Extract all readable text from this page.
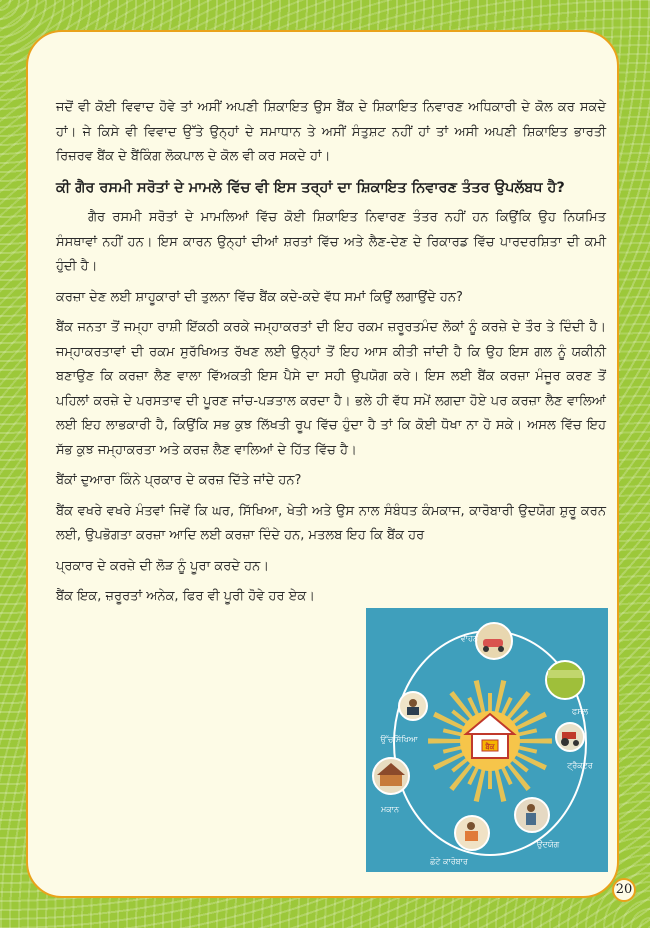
ਜਦੋਂ ਵੀ ਕੋਈ ਵਿਵਾਦ ਹੋਵੇ ਤਾਂ ਅਸੀਂ ਅਪਣੀ ਸ਼ਿਕਾਇਤ ਉਸ ਬੈਂਕ ਦੇ ਸ਼ਿਕਾਇਤ ਨਿਵਾਰਣ ਅਧਿਕਾਰੀ ਦੇ ਕੋਲ ਕਰ ਸਕਦੇ ਹਾਂ। ਜੇ ਕਿਸੇ ਵੀ ਵਿਵਾਦ ਉੱਤੇ ਉਨ੍ਹਾਂ ਦੇ ਸਮਾਧਾਨ ਤੇ ਅਸੀਂ ਸੰਤੁਸ਼ਟ ਨਹੀਂ ਹਾਂ ਤਾਂ ਅਸੀ ਅਪਣੀ ਸ਼ਿਕਾਇਤ ਭਾਰਤੀ ਰਿਜ਼ਰਵ ਬੈਂਕ ਦੇ ਬੈਂਕਿੰਗ ਲੋਕਪਾਲ ਦੇ ਕੋਲ ਵੀ ਕਰ ਸਕਦੇ ਹਾਂ।

ਕੀ ਗੈਰ ਰਸਮੀ ਸਰੋਤਾਂ ਦੇ ਮਾਮਲੇ ਵਿੱਚ ਵੀ ਇਸ ਤਰ੍ਹਾਂ ਦਾ ਸ਼ਿਕਾਇਤ ਨਿਵਾਰਣ ਤੰਤਰ ਉਪਲੱਬਧ ਹੈ?

ਗੈਰ ਰਸਮੀ ਸਰੋਤਾਂ ਦੇ ਮਾਮਲਿਆਂ ਵਿੱਚ ਕੋਈ ਸ਼ਿਕਾਇਤ ਨਿਵਾਰਣ ਤੰਤਰ ਨਹੀਂ ਹਨ ਕਿਉਂਕਿ ਉਹ ਨਿਯਮਿਤ ਸੰਸਥਾਵਾਂ ਨਹੀਂ ਹਨ। ਇਸ ਕਾਰਨ ਉਨ੍ਹਾਂ ਦੀਆਂ ਸ਼ਰਤਾਂ ਵਿੱਚ ਅਤੇ ਲੈਣ-ਦੇਣ ਦੇ ਰਿਕਾਰਡ ਵਿੱਚ ਪਾਰਦਰਸ਼ਿਤਾ ਦੀ ਕਮੀ ਹੁੰਦੀ ਹੈ।

ਕਰਜ਼ਾ ਦੇਣ ਲਈ ਸ਼ਾਹੂਕਾਰਾਂ ਦੀ ਤੁਲਨਾ ਵਿੱਚ ਬੈਂਕ ਕਦੇ-ਕਦੇ ਵੱਧ ਸਮਾਂ ਕਿਉਂ ਲਗਾਉਂਦੇ ਹਨ?

ਬੈਂਕ ਜਨਤਾ ਤੋਂ ਜਮ੍ਹਾ ਰਾਸ਼ੀ ਇੱਕਠੀ ਕਰਕੇ ਜਮ੍ਹਾਕਰਤਾਂ ਦੀ ਇਹ ਰਕਮ ਜ਼ਰੂਰਤਮੰਦ ਲੋਕਾਂ ਨੂੰ ਕਰਜ਼ੇ ਦੇ ਤੌਰ ਤੇ ਦਿੰਦੀ ਹੈ। ਜਮ੍ਹਾਕਰਤਾਵਾਂ ਦੀ ਰਕਮ ਸੁਰੱਖਿਅਤ ਰੱਖਣ ਲਈ ਉਨ੍ਹਾਂ ਤੋਂ ਇਹ ਆਸ ਕੀਤੀ ਜਾਂਦੀ ਹੈ ਕਿ ਉਹ ਇਸ ਗਲ ਨੂੰ ਯਕੀਨੀ ਬਣਾਉਣ ਕਿ ਕਰਜ਼ਾ ਲੈਣ ਵਾਲਾ ਵਿੱਅਕਤੀ ਇਸ ਪੈਸੇ ਦਾ ਸਹੀ ਉਪਯੋਗ ਕਰੇ। ਇਸ ਲਈ ਬੈਂਕ ਕਰਜ਼ਾ ਮੰਜੂਰ ਕਰਣ ਤੋਂ ਪਹਿਲਾਂ ਕਰਜ਼ੇ ਦੇ ਪਰਸਤਾਵ ਦੀ ਪੂਰਣ ਜਾਂਚ-ਪੜਤਾਲ ਕਰਦਾ ਹੈ। ਭਲੇ ਹੀ ਵੱਧ ਸਮੇਂ ਲਗਦਾ ਹੋਏ ਪਰ ਕਰਜ਼ਾ ਲੈਣ ਵਾਲਿਆਂ ਲਈ ਇਹ ਲਾਭਕਾਰੀ ਹੈ, ਕਿਉਂਕਿ ਸਭ ਕੁਝ ਲਿੱਖਤੀ ਰੂਪ ਵਿੱਚ ਹੁੰਦਾ ਹੈ ਤਾਂ ਕਿ ਕੋਈ ਧੋਖਾ ਨਾ ਹੋ ਸਕੇ। ਅਸਲ ਵਿੱਚ ਇਹ ਸੱਭ ਕੁਝ ਜਮ੍ਹਾਕਰਤਾ ਅਤੇ ਕਰਜ਼ ਲੈਣ ਵਾਲਿਆਂ ਦੇ ਹਿੱਤ ਵਿੱਚ ਹੈ।

ਬੈਂਕਾਂ ਦੁਆਰਾ ਕਿੰਨੇ ਪ੍ਰਕਾਰ ਦੇ ਕਰਜ਼ ਦਿੱਤੇ ਜਾਂਦੇ ਹਨ?

ਬੈਂਕ ਵਖਰੇ ਵਖਰੇ ਮੰਤਵਾਂ ਜਿਵੇਂ ਕਿ ਘਰ, ਸਿੱਖਿਆ, ਖੇਤੀ ਅਤੇ ਉਸ ਨਾਲ ਸੰਬੰਧਤ ਕੰਮਕਾਜ, ਕਾਰੋਬਾਰੀ ਉਦਯੋਗ ਸ਼ੁਰੂ ਕਰਨ ਲਈ, ਉਪਭੋਗਤਾ ਕਰਜ਼ਾ ਆਦਿ ਲਈ ਕਰਜ਼ਾ ਦਿੰਦੇ ਹਨ, ਮਤਲਬ ਇਹ ਕਿ ਬੈਂਕ ਹਰ

ਪ੍ਰਕਾਰ ਦੇ ਕਰਜ਼ੇ ਦੀ ਲੋੜ ਨੂੰ ਪੂਰਾ ਕਰਦੇ ਹਨ।

ਬੈਂਕ ਇਕ, ਜ਼ਰੂਰਤਾਂ ਅਨੇਕ, ਫਿਰ ਵੀ ਪੂਰੀ ਹੋਵੇ ਹਰ ਏਕ।

ਬੈਂਕ
ਵਾਹਨ
ਫਸਲ
ਟ੍ਰੈਕਟਰ
ਉਦਯੋਗ
ਛੋਟੇ ਕਾਰੋਬਾਰ
ਮਕਾਨ
ਉੱਚਸਿੱਖਿਆ
20
